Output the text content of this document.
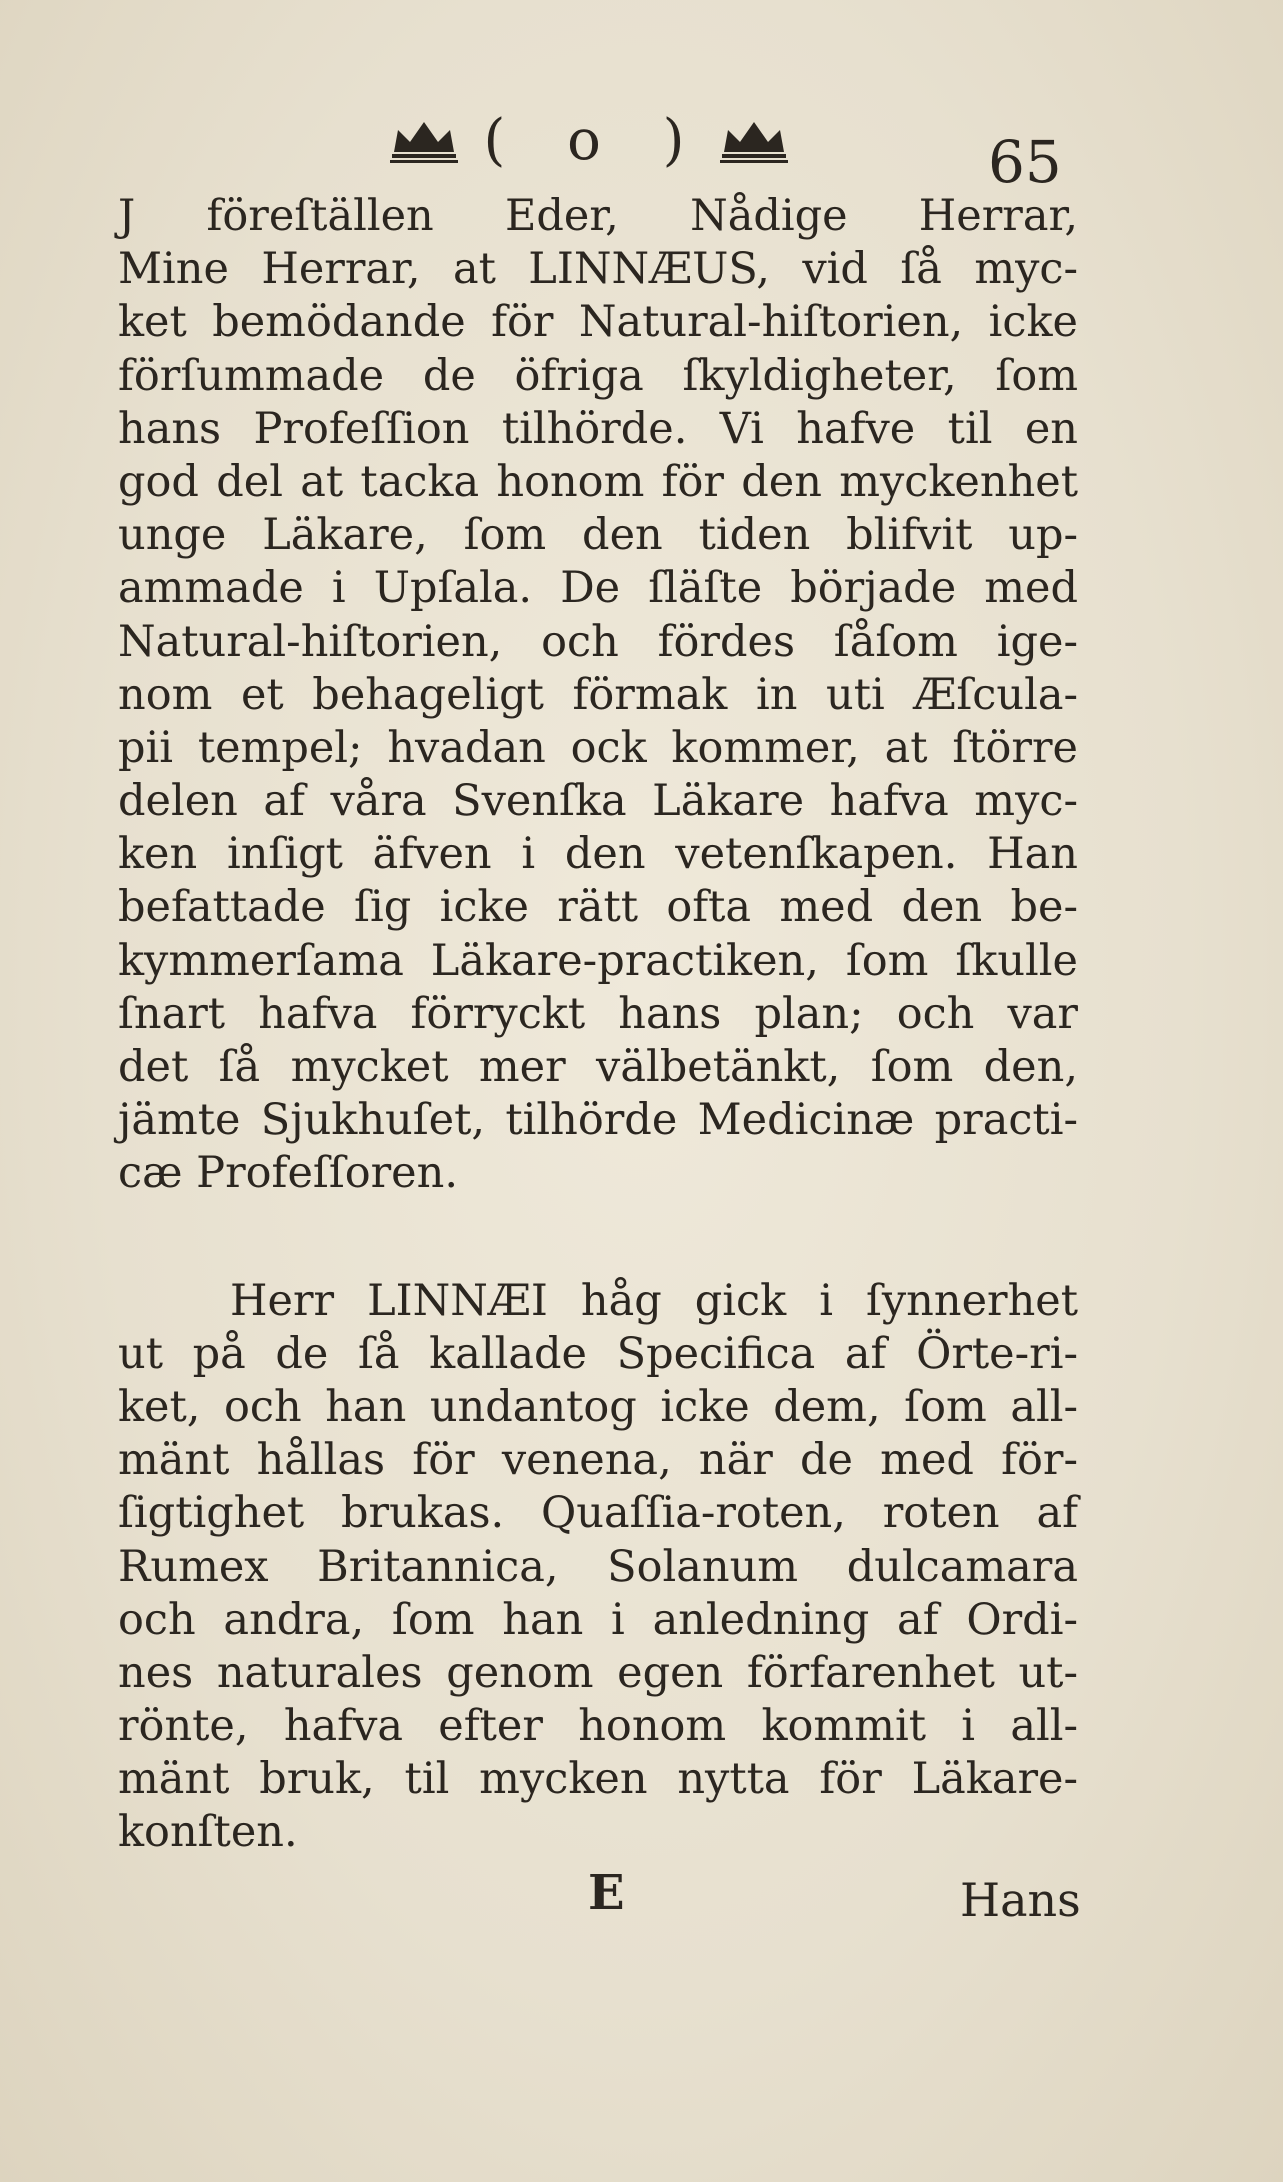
( o )	65
J föreſtällen Eder, Nådige Herrar,
Mine Herrar, at LINNÆUS, vid ſå myc-
ket bemödande för Natural-hiſtorien, icke
förſummade de öfriga ſkyldigheter, ſom
hans Profeſſion tilhörde. Vi hafve til en
god del at tacka honom för den myckenhet
unge Läkare, ſom den tiden blifvit up-
ammade i Upſala. De ſläſte började med
Natural-hiſtorien, och fördes ſåſom ige-
nom et behageligt förmak in uti Æſcula-
pii tempel; hvadan ock kommer, at ſtörre
delen af våra Svenſka Läkare hafva myc-
ken inſigt äfven i den vetenſkapen. Han
befattade ſig icke rätt ofta med den be-
kymmerſama Läkare-practiken, ſom ſkulle
ſnart hafva förryckt hans plan; och var
det ſå mycket mer välbetänkt, ſom den,
jämte Sjukhuſet, tilhörde Medicinæ practi-
cæ Profeſſoren.
Herr LINNÆI håg gick i ſynnerhet
ut på de ſå kallade Specifica af Örte-ri-
ket, och han undantog icke dem, ſom all-
mänt hållas för venena, när de med för-
ſigtighet brukas. Quaſſia-roten, roten af
Rumex Britannica, Solanum dulcamara
och andra, ſom han i anledning af Ordi-
nes naturales genom egen förfarenhet ut-
rönte, hafva efter honom kommit i all-
mänt bruk, til mycken nytta för Läkare-
konſten.
E	Hans
